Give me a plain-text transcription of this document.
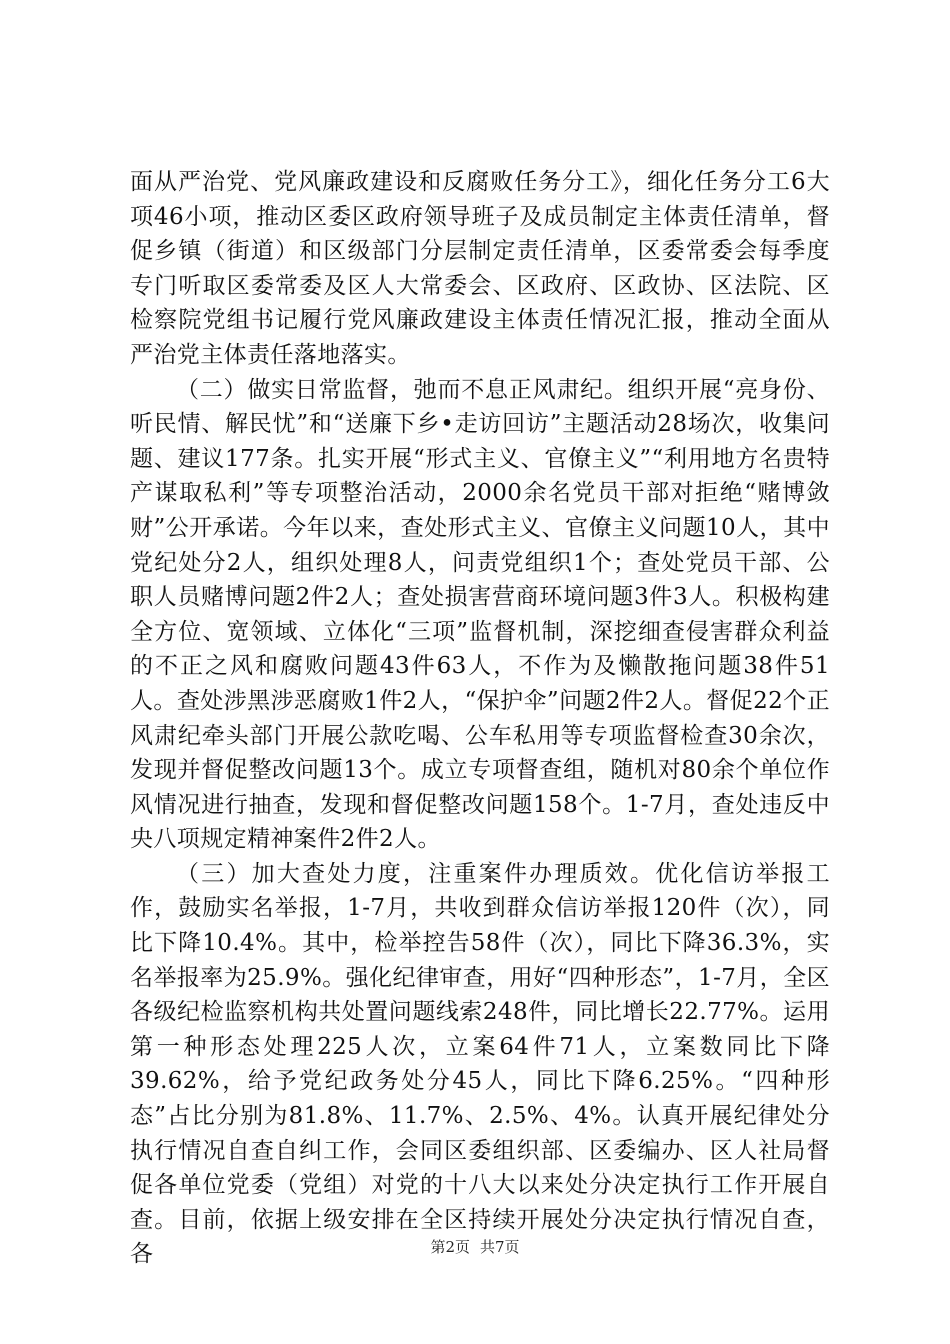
面从严治党、党风廉政建设和反腐败任务分工》，细化任务分工6大项46小项，推动区委区政府领导班子及成员制定主体责任清单，督促乡镇（街道）和区级部门分层制定责任清单，区委常委会每季度专门听取区委常委及区人大常委会、区政府、区政协、区法院、区检察院党组书记履行党风廉政建设主体责任情况汇报，推动全面从严治党主体责任落地落实。

（二）做实日常监督，弛而不息正风肃纪。组织开展“亮身份、听民情、解民忧”和“送廉下乡•走访回访”主题活动28场次，收集问题、建议177条。扎实开展“形式主义、官僚主义”“利用地方名贵特产谋取私利”等专项整治活动，2000余名党员干部对拒绝“赌博敛财”公开承诺。今年以来，查处形式主义、官僚主义问题10人，其中党纪处分2人，组织处理8人，问责党组织1个；查处党员干部、公职人员赌博问题2件2人；查处损害营商环境问题3件3人。积极构建全方位、宽领域、立体化“三项”监督机制，深挖细查侵害群众利益的不正之风和腐败问题43件63人，不作为及懒散拖问题38件51人。查处涉黑涉恶腐败1件2人，“保护伞”问题2件2人。督促22个正风肃纪牵头部门开展公款吃喝、公车私用等专项监督检查30余次，发现并督促整改问题13个。成立专项督查组，随机对80余个单位作风情况进行抽查，发现和督促整改问题158个。1-7月，查处违反中央八项规定精神案件2件2人。

（三）加大查处力度，注重案件办理质效。优化信访举报工作，鼓励实名举报，1-7月，共收到群众信访举报120件（次），同比下降10.4%。其中，检举控告58件（次），同比下降36.3%，实名举报率为25.9%。强化纪律审查，用好“四种形态”，1-7月，全区各级纪检监察机构共处置问题线索248件，同比增长22.77%。运用第一种形态处理225人次，立案64件71人，立案数同比下降39.62%，给予党纪政务处分45人，同比下降6.25%。“四种形态”占比分别为81.8%、11.7%、2.5%、4%。认真开展纪律处分执行情况自查自纠工作，会同区委组织部、区委编办、区人社局督促各单位党委（党组）对党的十八大以来处分决定执行工作开展自查。目前，依据上级安排在全区持续开展处分决定执行情况自查，各	第2页 共7页
